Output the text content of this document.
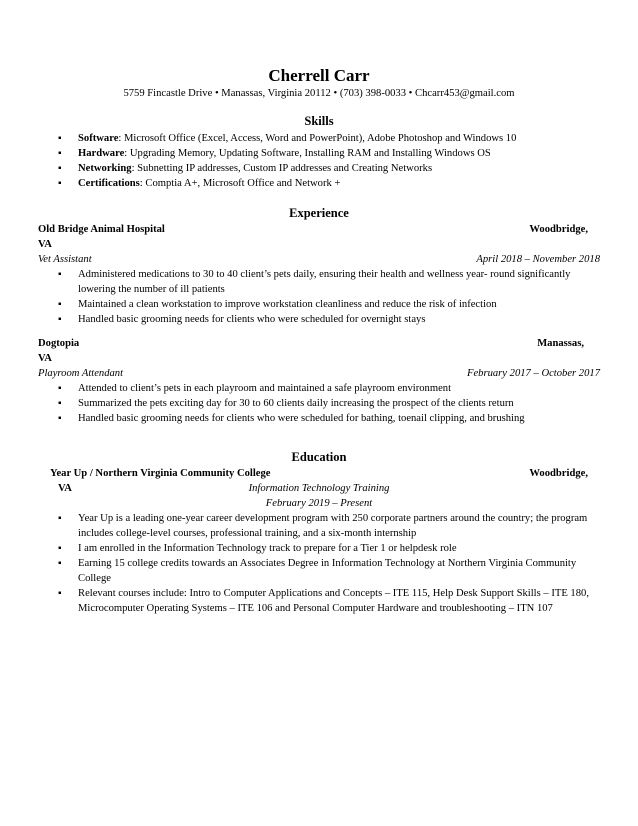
Cherrell Carr
5759 Fincastle Drive • Manassas, Virginia 20112 • (703) 398-0033 • Chcarr453@gmail.com
Skills
▪ Software: Microsoft Office (Excel, Access, Word and PowerPoint), Adobe Photoshop and Windows 10
▪ Hardware: Upgrading Memory, Updating Software, Installing RAM and Installing Windows OS
▪ Networking: Subnetting IP addresses, Custom IP addresses and Creating Networks
▪ Certifications: Comptia A+, Microsoft Office and Network +
Experience
Old Bridge Animal Hospital	Woodbridge,
VA
Vet Assistant	April 2018 – November 2018
▪ Administered medications to 30 to 40 client’s pets daily, ensuring their health and wellness year- round significantly lowering the number of ill patients
▪ Maintained a clean workstation to improve workstation cleanliness and reduce the risk of infection
▪ Handled basic grooming needs for clients who were scheduled for overnight stays
Dogtopia	Manassas,
VA
Playroom Attendant	February 2017 – October 2017
▪ Attended to client’s pets in each playroom and maintained a safe playroom environment
▪ Summarized the pets exciting day for 30 to 60 clients daily increasing the prospect of the clients return
▪ Handled basic grooming needs for clients who were scheduled for bathing, toenail clipping, and brushing
Education
Year Up / Northern Virginia Community College	Woodbridge,
VA	Information Technology Training
February 2019 – Present
▪ Year Up is a leading one-year career development program with 250 corporate partners around the country; the program includes college-level courses, professional training, and a six-month internship
▪ I am enrolled in the Information Technology track to prepare for a Tier 1 or helpdesk role
▪ Earning 15 college credits towards an Associates Degree in Information Technology at Northern Virginia Community College
▪ Relevant courses include: Intro to Computer Applications and Concepts – ITE 115, Help Desk Support Skills – ITE 180, Microcomputer Operating Systems – ITE 106 and Personal Computer Hardware and troubleshooting – ITN 107
